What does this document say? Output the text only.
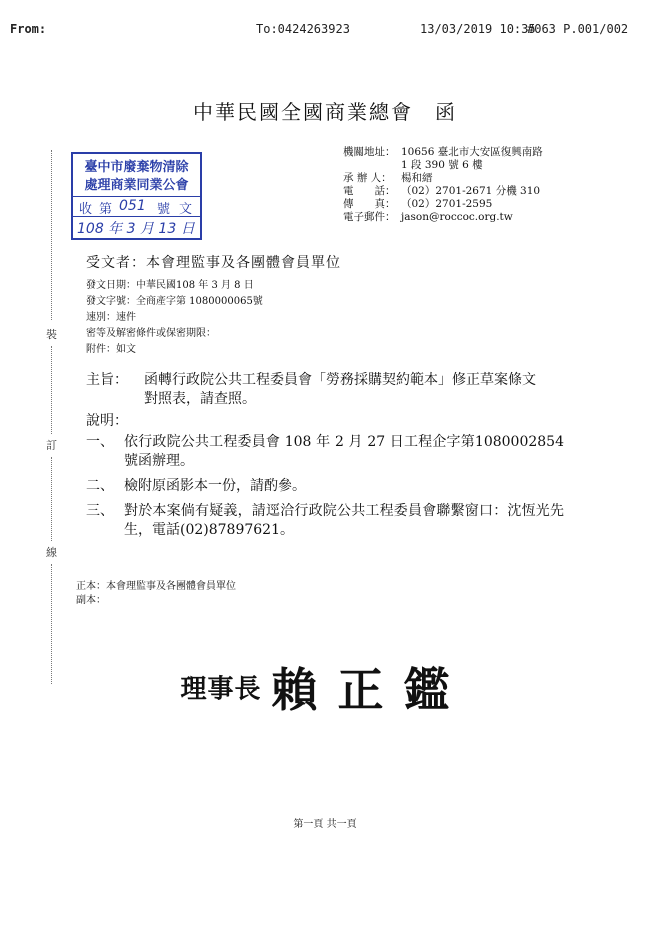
From:	To:0424263923	13/03/2019 10:35
#063 P.001/002
中華民國全國商業總會　函
機關地址： 10656 臺北市大安區復興南路
1 段 390 號 6 樓
承 辦 人： 楊和縉
電　　話： （02）2701-2671 分機 310
傳　　真： （02）2701-2595
電子郵件： jason@roccoc.org.tw
臺中市廢棄物清除
處理商業同業公會
收 第 051 號 文
108 年 3 月 13 日
受文者：本會理監事及各團體會員單位
發文日期：中華民國108 年 3 月 8 日
發文字號：全商產字第 1080000065號
速別：速件
密等及解密條件或保密期限：
附件：如文
主旨： 函轉行政院公共工程委員會「勞務採購契約範本」修正草案條文對照表，請查照。
說明：
一、 依行政院公共工程委員會 108 年 2 月 27 日工程企字第1080002854 號函辦理。
二、 檢附原函影本一份，請酌參。
三、 對於本案倘有疑義，請逕洽行政院公共工程委員會聯繫窗口：沈恆光先生，電話(02)87897621。
正本：本會理監事及各團體會員單位
副本：
理事長 賴正鑑
第一頁 共一頁
裝
訂
線
